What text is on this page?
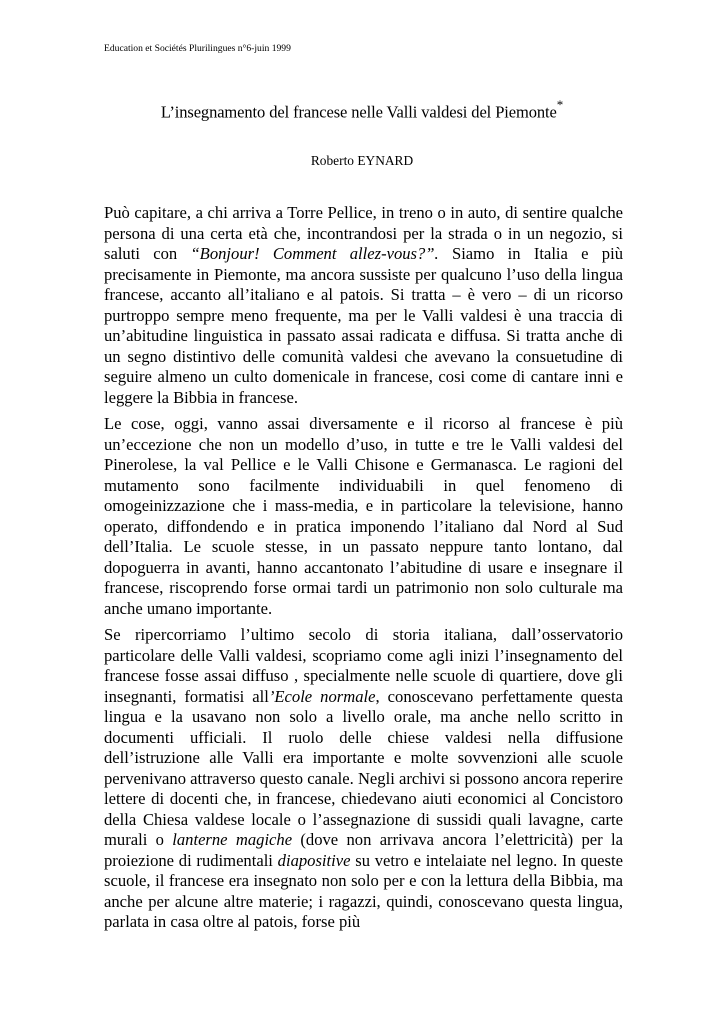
Education et Sociétés Plurilingues n°6-juin 1999
L’insegnamento del francese nelle Valli valdesi del Piemonte*
Roberto EYNARD

Può capitare, a chi arriva a Torre Pellice, in treno o in auto, di sentire qualche persona di una certa età che, incontrandosi per la strada o in un negozio, si saluti con “Bonjour! Comment allez-vous?”. Siamo in Italia e più precisamente in Piemonte, ma ancora sussiste per qualcuno l’uso della lingua francese, accanto all’italiano e al patois. Si tratta – è vero – di un ricorso purtroppo sempre meno frequente, ma per le Valli valdesi è una traccia di un’abitudine linguistica in passato assai radicata e diffusa. Si tratta anche di un segno distintivo delle comunità valdesi che avevano la consuetudine di seguire almeno un culto domenicale in francese, cosi come di cantare inni e leggere la Bibbia in francese.

Le cose, oggi, vanno assai diversamente e il ricorso al francese è più un’eccezione che non un modello d’uso, in tutte e tre le Valli valdesi del Pinerolese, la val Pellice e le Valli Chisone e Germanasca. Le ragioni del mutamento sono facilmente individuabili in quel fenomeno di omogeinizzazione che i mass-media, e in particolare la televisione, hanno operato, diffondendo e in pratica imponendo l’italiano dal Nord al Sud dell’Italia. Le scuole stesse, in un passato neppure tanto lontano, dal dopoguerra in avanti, hanno accantonato l’abitudine di usare e insegnare il francese, riscoprendo forse ormai tardi un patrimonio non solo culturale ma anche umano importante.

Se ripercorriamo l’ultimo secolo di storia italiana, dall’osservatorio particolare delle Valli valdesi, scopriamo come agli inizi l’insegnamento del francese fosse assai diffuso , specialmente nelle scuole di quartiere, dove gli insegnanti, formatisi all’Ecole normale, conoscevano perfettamente questa lingua e la usavano non solo a livello orale, ma anche nello scritto in documenti ufficiali. Il ruolo delle chiese valdesi nella diffusione dell’istruzione alle Valli era importante e molte sovvenzioni alle scuole pervenivano attraverso questo canale. Negli archivi si possono ancora reperire lettere di docenti che, in francese, chiedevano aiuti economici al Concistoro della Chiesa valdese locale o l’assegnazione di sussidi quali lavagne, carte murali o lanterne magiche (dove non arrivava ancora l’elettricità) per la proiezione di rudimentali diapositive su vetro e intelaiate nel legno. In queste scuole, il francese era insegnato non solo per e con la lettura della Bibbia, ma anche per alcune altre materie; i ragazzi, quindi, conoscevano questa lingua, parlata in casa oltre al patois, forse più
